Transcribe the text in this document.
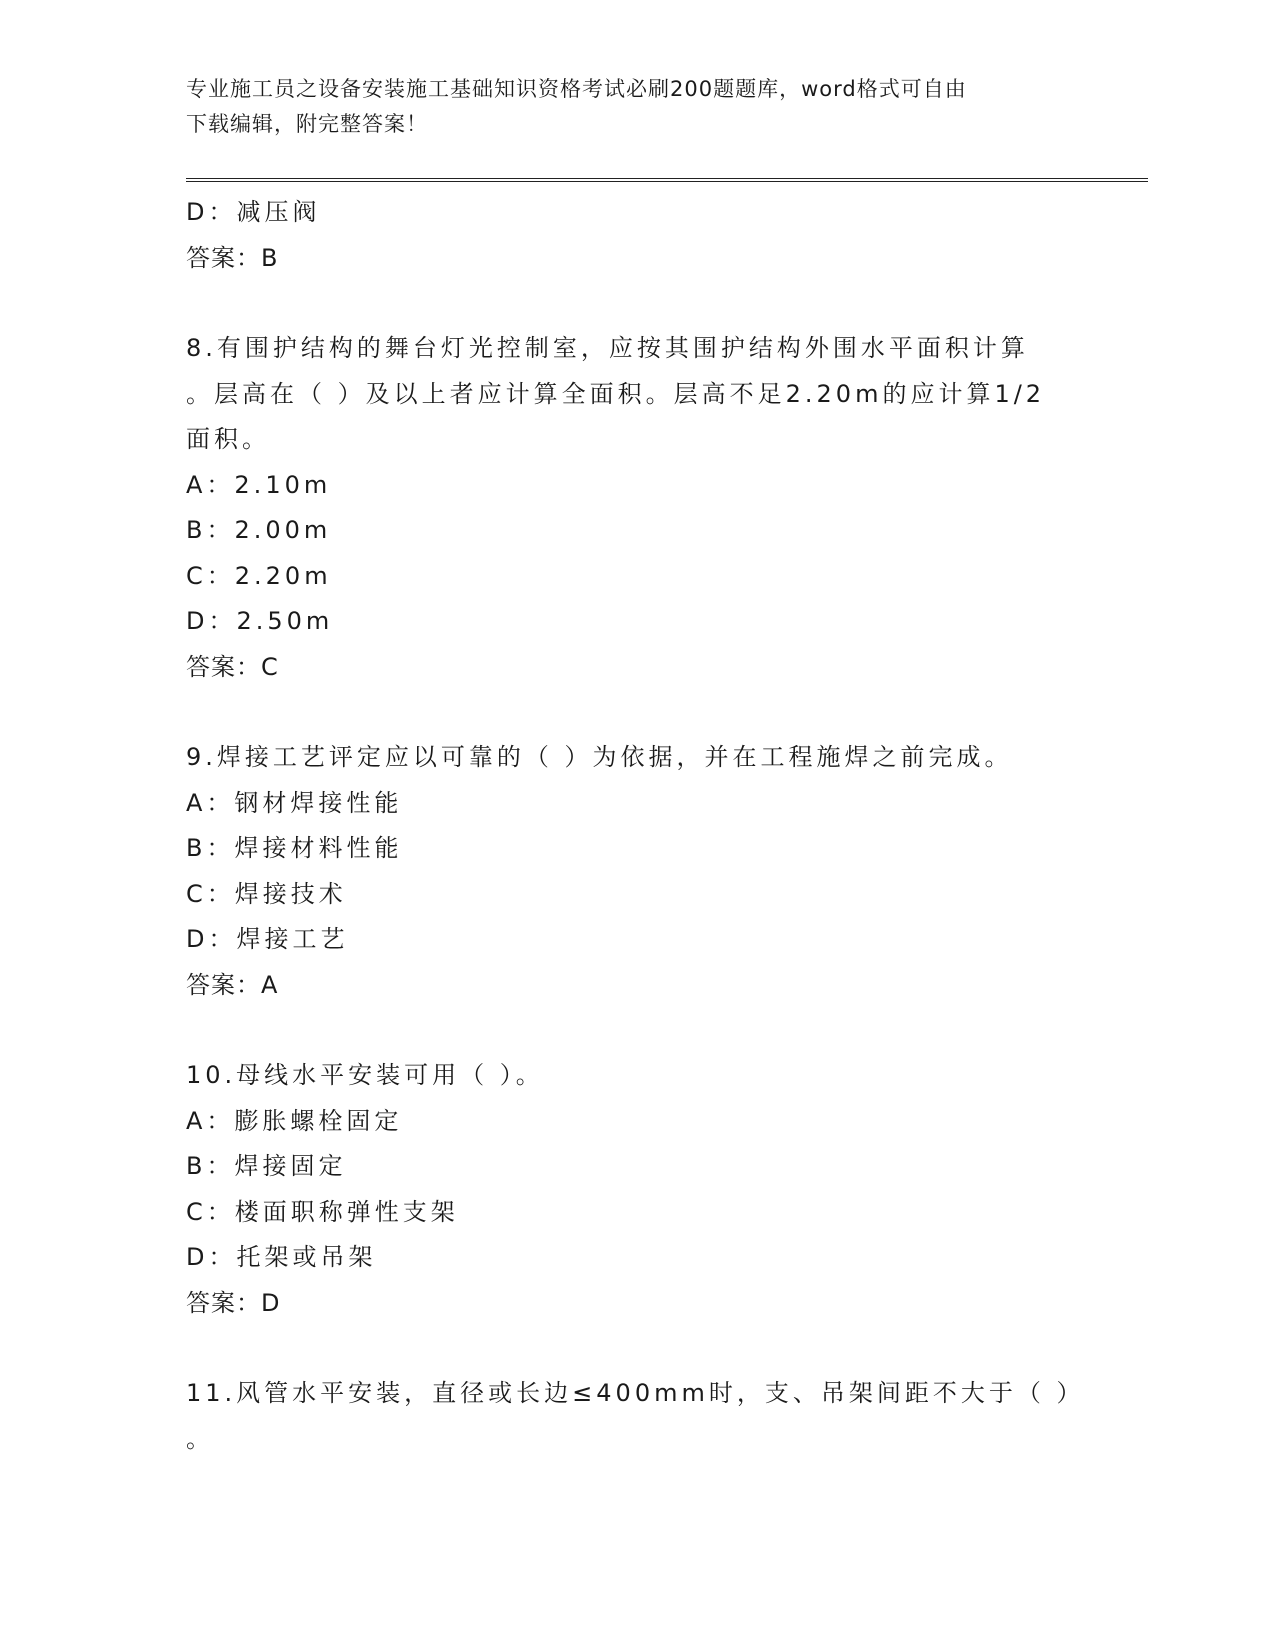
专业施工员之设备安装施工基础知识资格考试必刷200题题库，word格式可自由
下载编辑，附完整答案！
D：减压阀
答案：B
8.有围护结构的舞台灯光控制室，应按其围护结构外围水平面积计算
。层高在（ ）及以上者应计算全面积。层高不足2.20m的应计算1/2
面积。
A：2.10m
B：2.00m
C：2.20m
D：2.50m
答案：C
9.焊接工艺评定应以可靠的（ ）为依据，并在工程施焊之前完成。
A：钢材焊接性能
B：焊接材料性能
C：焊接技术
D：焊接工艺
答案：A
10.母线水平安装可用（ ）。
A：膨胀螺栓固定
B：焊接固定
C：楼面职称弹性支架
D：托架或吊架
答案：D
11.风管水平安装，直径或长边≤400mm时，支、吊架间距不大于（ ）
。
